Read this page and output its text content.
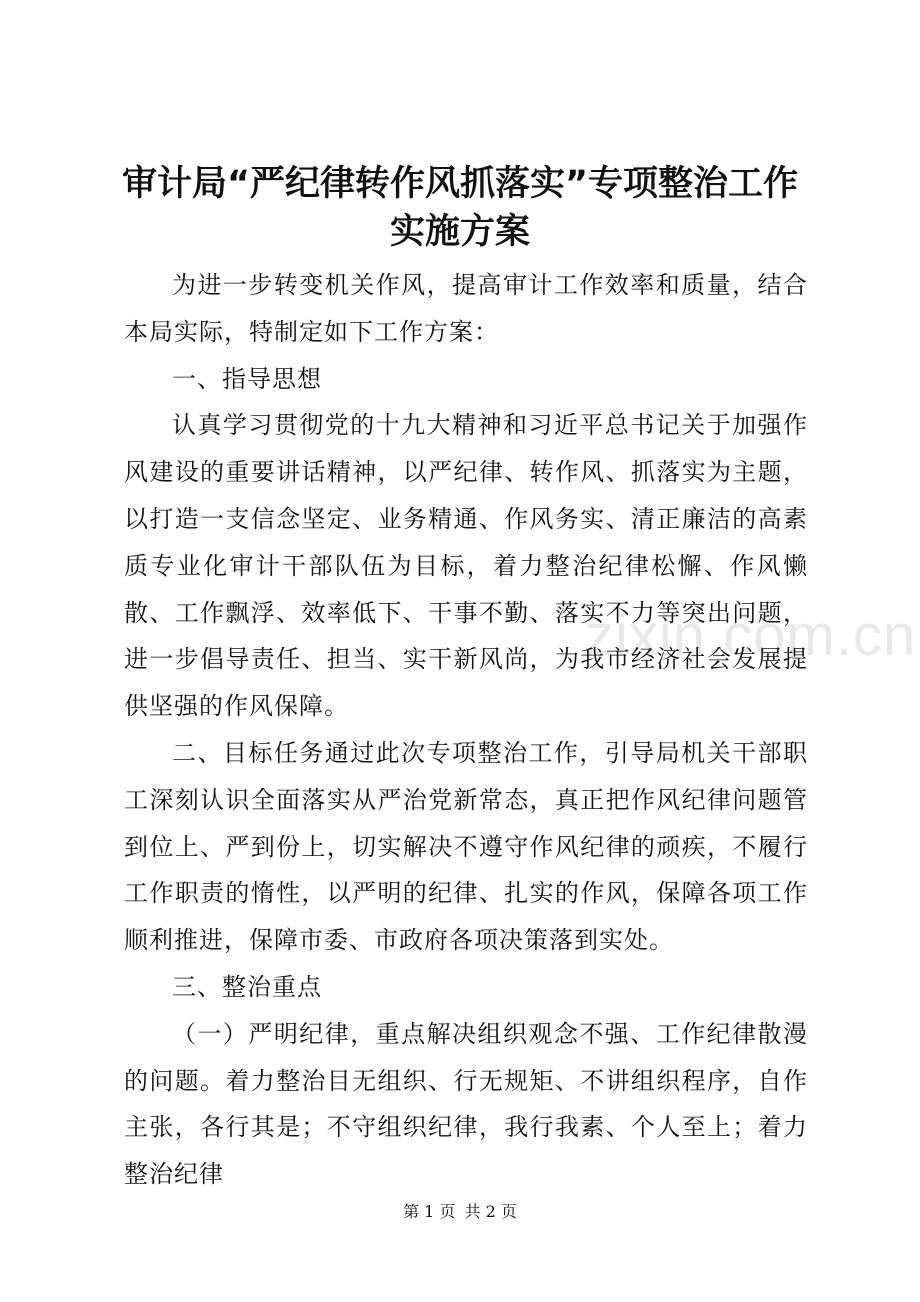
zixin.com.cn
审计局“严纪律转作风抓落实”专项整治工作实施方案

为进一步转变机关作风，提高审计工作效率和质量，结合本局实际，特制定如下工作方案：

一、指导思想

认真学习贯彻党的十九大精神和习近平总书记关于加强作风建设的重要讲话精神，以严纪律、转作风、抓落实为主题，以打造一支信念坚定、业务精通、作风务实、清正廉洁的高素质专业化审计干部队伍为目标，着力整治纪律松懈、作风懒散、工作飘浮、效率低下、干事不勤、落实不力等突出问题，进一步倡导责任、担当、实干新风尚，为我市经济社会发展提供坚强的作风保障。

二、目标任务通过此次专项整治工作，引导局机关干部职工深刻认识全面落实从严治党新常态，真正把作风纪律问题管到位上、严到份上，切实解决不遵守作风纪律的顽疾，不履行工作职责的惰性，以严明的纪律、扎实的作风，保障各项工作顺利推进，保障市委、市政府各项决策落到实处。

三、整治重点

（一）严明纪律，重点解决组织观念不强、工作纪律散漫的问题。着力整治目无组织、行无规矩、不讲组织程序，自作主张，各行其是；不守组织纪律，我行我素、个人至上；着力整治纪律

第 1 页 共 2 页
